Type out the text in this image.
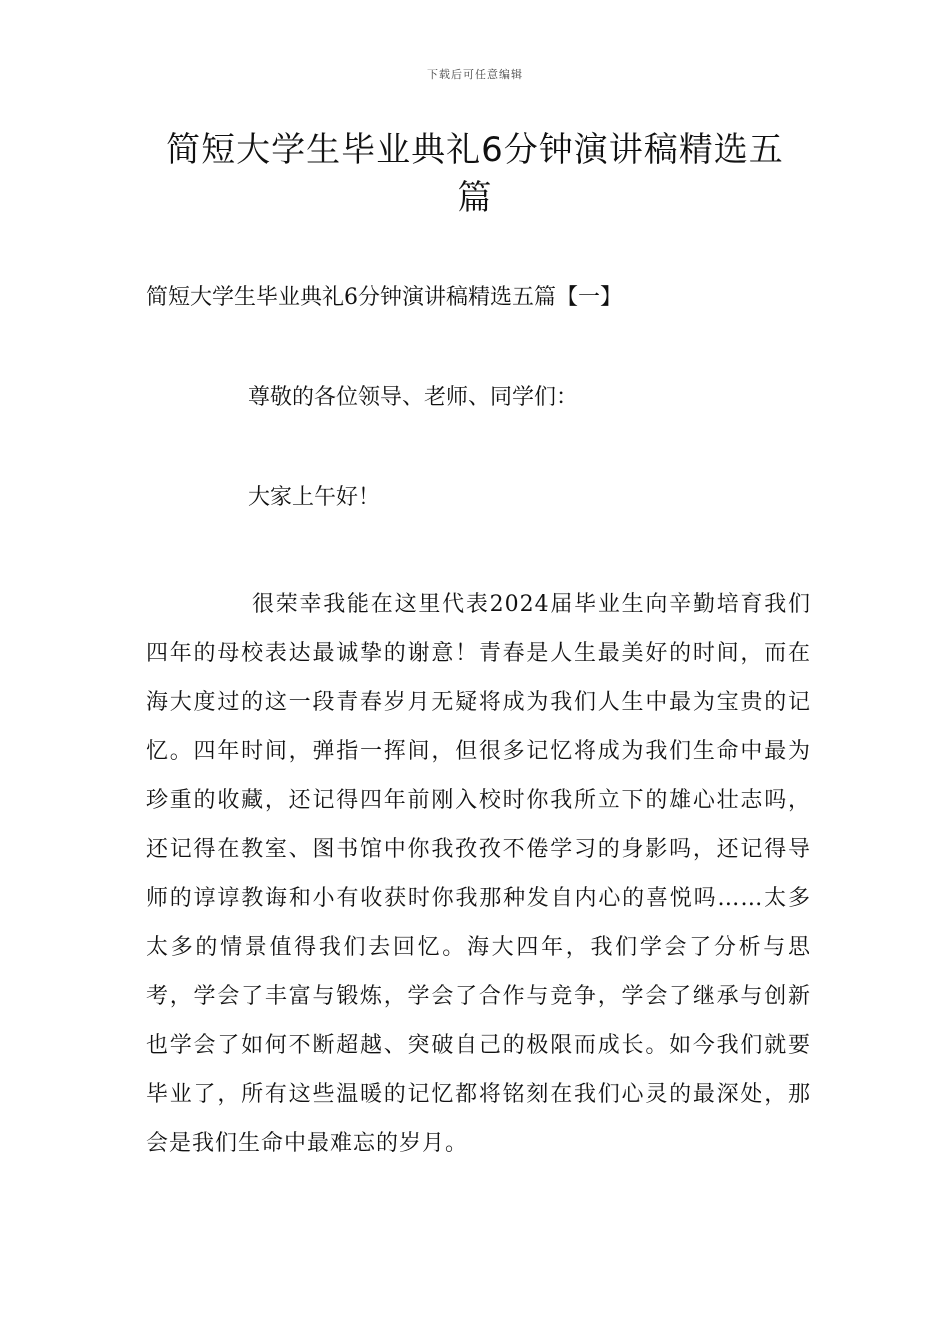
下载后可任意编辑
简短大学生毕业典礼6分钟演讲稿精选五篇
简短大学生毕业典礼6分钟演讲稿精选五篇【一】
尊敬的各位领导、老师、同学们：
大家上午好！

很荣幸我能在这里代表2024届毕业生向辛勤培育我们四年的母校表达最诚挚的谢意！青春是人生最美好的时间，而在海大度过的这一段青春岁月无疑将成为我们人生中最为宝贵的记忆。四年时间，弹指一挥间，但很多记忆将成为我们生命中最为珍重的收藏，还记得四年前刚入校时你我所立下的雄心壮志吗，还记得在教室、图书馆中你我孜孜不倦学习的身影吗，还记得导师的谆谆教诲和小有收获时你我那种发自内心的喜悦吗……太多太多的情景值得我们去回忆。海大四年，我们学会了分析与思考，学会了丰富与锻炼，学会了合作与竞争，学会了继承与创新也学会了如何不断超越、突破自己的极限而成长。如今我们就要毕业了，所有这些温暖的记忆都将铭刻在我们心灵的最深处，那会是我们生命中最难忘的岁月。
